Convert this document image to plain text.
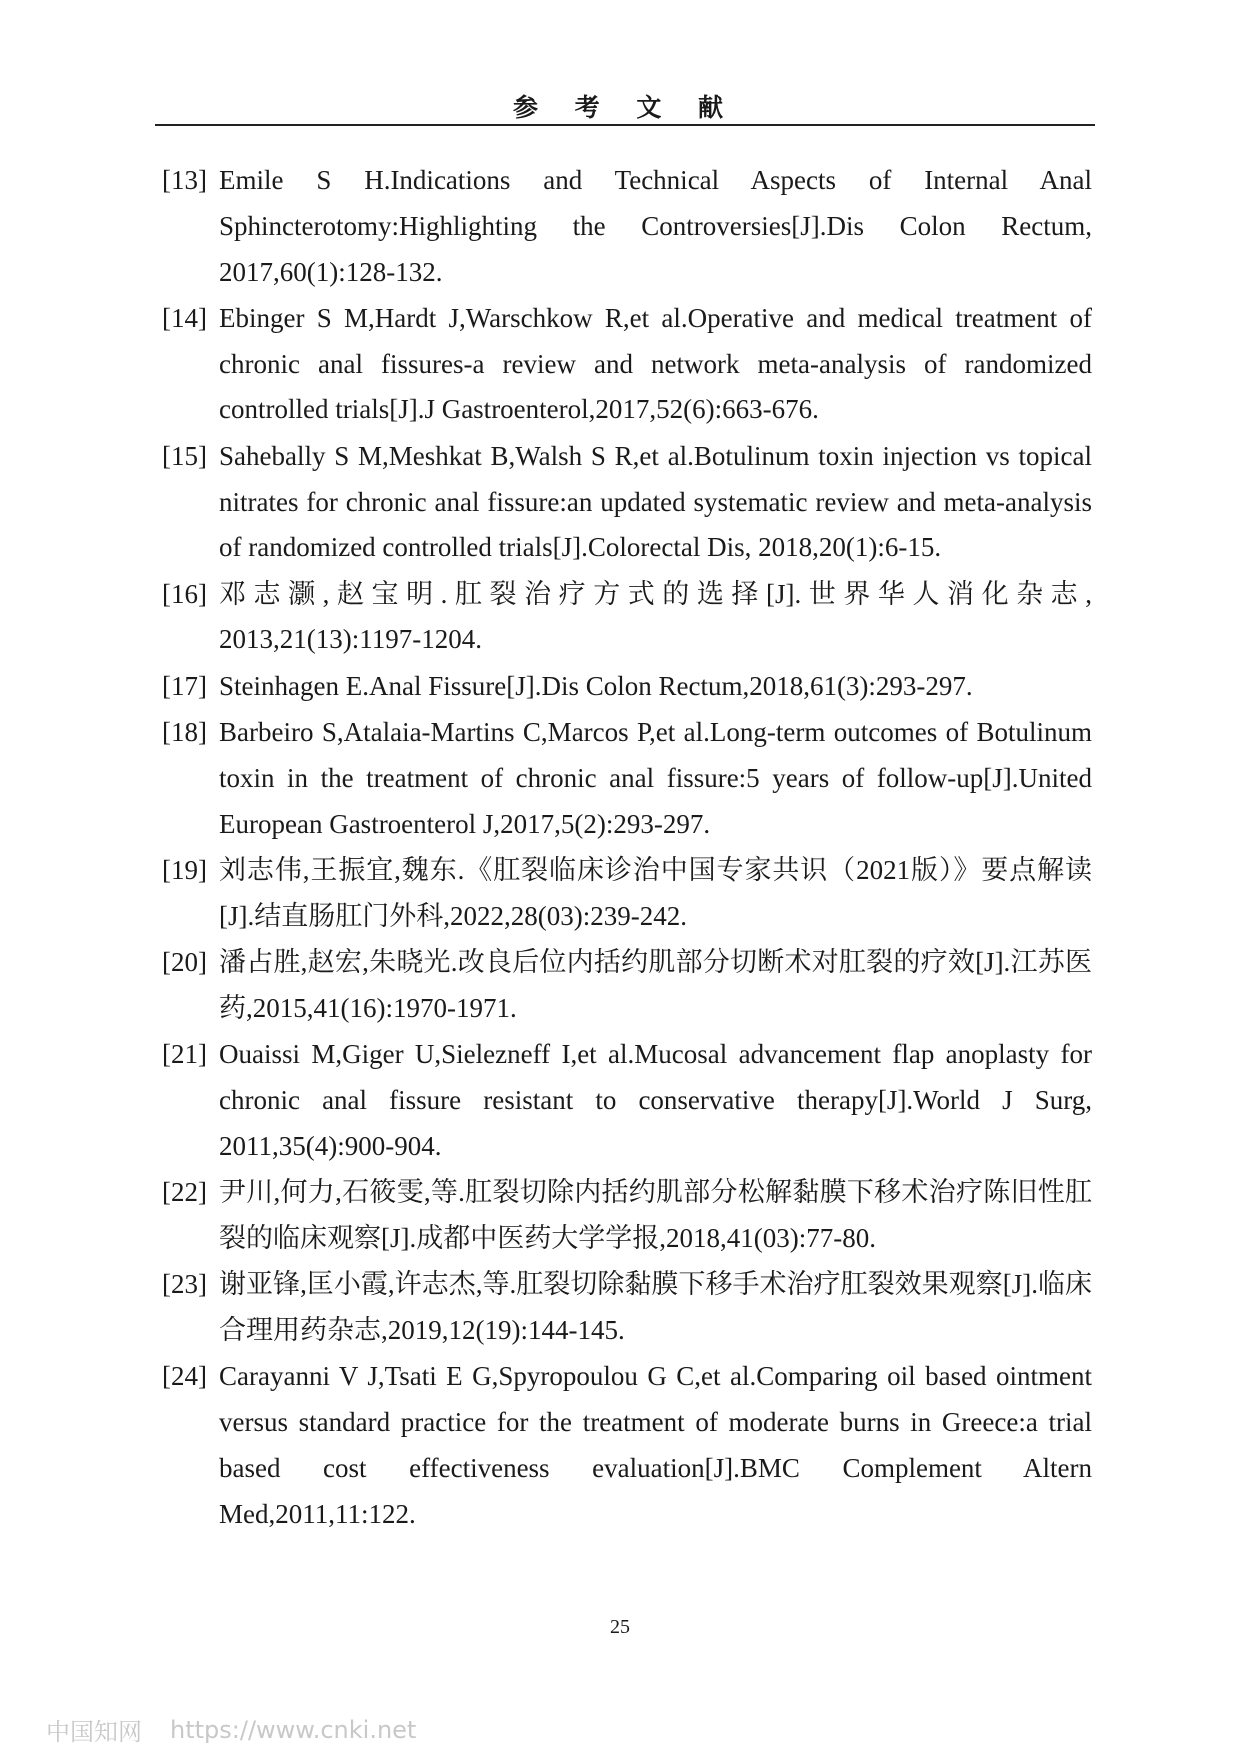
参 考 文 献
[13] Emile S H.Indications and Technical Aspects of Internal Anal Sphincterotomy:Highlighting the Controversies[J].Dis Colon Rectum, 2017,60(1):128-132.
[14] Ebinger S M,Hardt J,Warschkow R,et al.Operative and medical treatment of chronic anal fissures-a review and network meta-analysis of randomized controlled trials[J].J Gastroenterol,2017,52(6):663-676.
[15] Sahebally S M,Meshkat B,Walsh S R,et al.Botulinum toxin injection vs topical nitrates for chronic anal fissure:an updated systematic review and meta-analysis of randomized controlled trials[J].Colorectal Dis, 2018,20(1):6-15.
[16] 邓志灏,赵宝明.肛裂治疗方式的选择[J].世界华人消化杂志, 2013,21(13):1197-1204.
[17] Steinhagen E.Anal Fissure[J].Dis Colon Rectum,2018,61(3):293-297.
[18] Barbeiro S,Atalaia-Martins C,Marcos P,et al.Long-term outcomes of Botulinum toxin in the treatment of chronic anal fissure:5 years of follow-up[J].United European Gastroenterol J,2017,5(2):293-297.
[19] 刘志伟,王振宜,魏东.《肛裂临床诊治中国专家共识（2021版）》要点解读[J].结直肠肛门外科,2022,28(03):239-242.
[20] 潘占胜,赵宏,朱晓光.改良后位内括约肌部分切断术对肛裂的疗效[J].江苏医药,2015,41(16):1970-1971.
[21] Ouaissi M,Giger U,Sielezneff I,et al.Mucosal advancement flap anoplasty for chronic anal fissure resistant to conservative therapy[J].World J Surg, 2011,35(4):900-904.
[22] 尹川,何力,石筱雯,等.肛裂切除内括约肌部分松解黏膜下移术治疗陈旧性肛裂的临床观察[J].成都中医药大学学报,2018,41(03):77-80.
[23] 谢亚锋,匡小霞,许志杰,等.肛裂切除黏膜下移手术治疗肛裂效果观察[J].临床合理用药杂志,2019,12(19):144-145.
[24] Carayanni V J,Tsati E G,Spyropoulou G C,et al.Comparing oil based ointment versus standard practice for the treatment of moderate burns in Greece:a trial based cost effectiveness evaluation[J].BMC Complement Altern Med,2011,11:122.
25
中国知网 https://www.cnki.net
